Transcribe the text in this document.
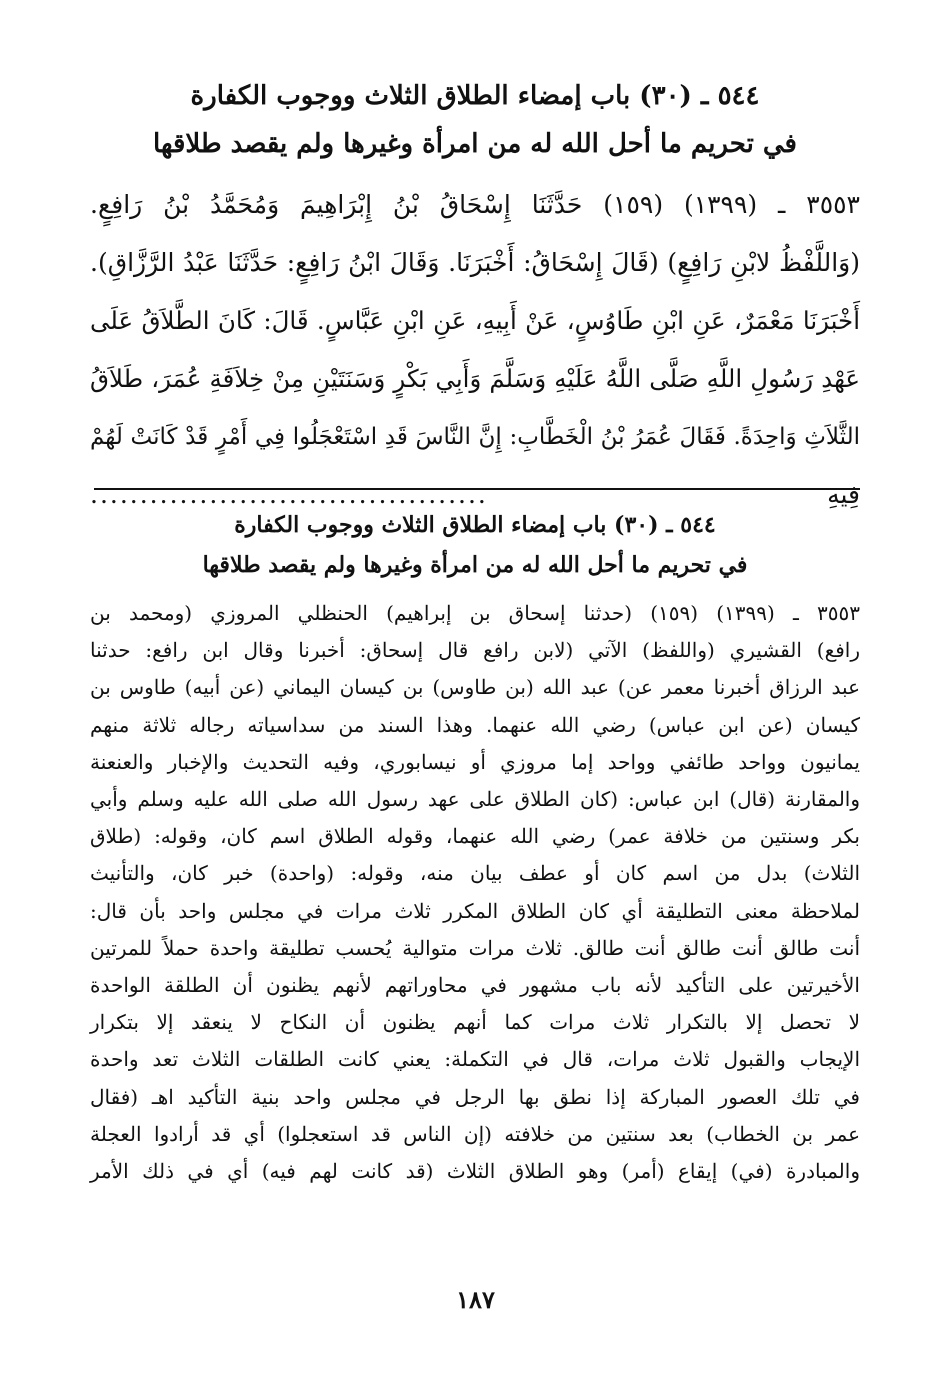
٥٤٤ ـ (٣٠) باب إمضاء الطلاق الثلاث ووجوب الكفارة

في تحريم ما أحل الله له من امرأة وغيرها ولم يقصد طلاقها

٣٥٥٣ ـ (١٣٩٩) (١٥٩) حَدَّثَنَا إِسْحَاقُ بْنُ إِبْرَاهِيمَ وَمُحَمَّدُ بْنُ رَافِعٍ.
(وَاللَّفْظُ لابْنِ رَافِعٍ) (قَالَ إِسْحَاقُ: أَخْبَرَنَا. وَقَالَ ابْنُ رَافِعٍ: حَدَّثَنَا عَبْدُ الرَّزَّاقِ).
أَخْبَرَنَا مَعْمَرٌ، عَنِ ابْنِ طَاوُسٍ، عَنْ أَبِيهِ، عَنِ ابْنِ عَبَّاسٍ. قَالَ: كَانَ الطَّلاَقُ عَلَى
عَهْدِ رَسُولِ اللَّهِ صَلَّى اللَّهُ عَلَيْهِ وَسَلَّمَ وَأَبِي بَكْرٍ وَسَنَتَيْنِ مِنْ خِلاَفَةِ عُمَرَ، طَلاَقُ
الثَّلاَثِ وَاحِدَةً. فَقَالَ عُمَرُ بْنُ الْخَطَّابِ: إِنَّ النَّاسَ قَدِ اسْتَعْجَلُوا فِي أَمْرٍ قَدْ كَانَتْ لَهُمْ
فِيهِ
........................................

٥٤٤ ـ (٣٠) باب إمضاء الطلاق الثلاث ووجوب الكفارة

في تحريم ما أحل الله له من امرأة وغيرها ولم يقصد طلاقها

٣٥٥٣ ـ (١٣٩٩) (١٥٩) (حدثنا إسحاق بن إبراهيم) الحنظلي المروزي (ومحمد بن
رافع) القشيري (واللفظ) الآتي (لابن رافع قال إسحاق: أخبرنا وقال ابن رافع: حدثنا
عبد الرزاق أخبرنا معمر عن) عبد الله (بن طاوس) بن كيسان اليماني (عن أبيه) طاوس بن
كيسان (عن ابن عباس) رضي الله عنهما. وهذا السند من سداسياته رجاله ثلاثة منهم
يمانيون وواحد طائفي وواحد إما مروزي أو نيسابوري، وفيه التحديث والإخبار والعنعنة
والمقارنة (قال) ابن عباس: (كان الطلاق على عهد رسول الله صلى الله عليه وسلم وأبي
بكر وسنتين من خلافة عمر) رضي الله عنهما، وقوله الطلاق اسم كان، وقوله: (طلاق
الثلاث) بدل من اسم كان أو عطف بيان منه، وقوله: (واحدة) خبر كان، والتأنيث
لملاحظة معنى التطليقة أي كان الطلاق المكرر ثلاث مرات في مجلس واحد بأن قال:
أنت طالق أنت طالق أنت طالق. ثلاث مرات متوالية يُحسب تطليقة واحدة حملاً للمرتين
الأخيرتين على التأكيد لأنه باب مشهور في محاوراتهم لأنهم يظنون أن الطلقة الواحدة
لا تحصل إلا بالتكرار ثلاث مرات كما أنهم يظنون أن النكاح لا ينعقد إلا بتكرار
الإيجاب والقبول ثلاث مرات، قال في التكملة: يعني كانت الطلقات الثلاث تعد واحدة
في تلك العصور المباركة إذا نطق بها الرجل في مجلس واحد بنية التأكيد اهـ (فقال
عمر بن الخطاب) بعد سنتين من خلافته (إن الناس قد استعجلوا) أي قد أرادوا العجلة
والمبادرة (في) إيقاع (أمر) وهو الطلاق الثلاث (قد كانت لهم فيه) أي في ذلك الأمر
١٨٧
